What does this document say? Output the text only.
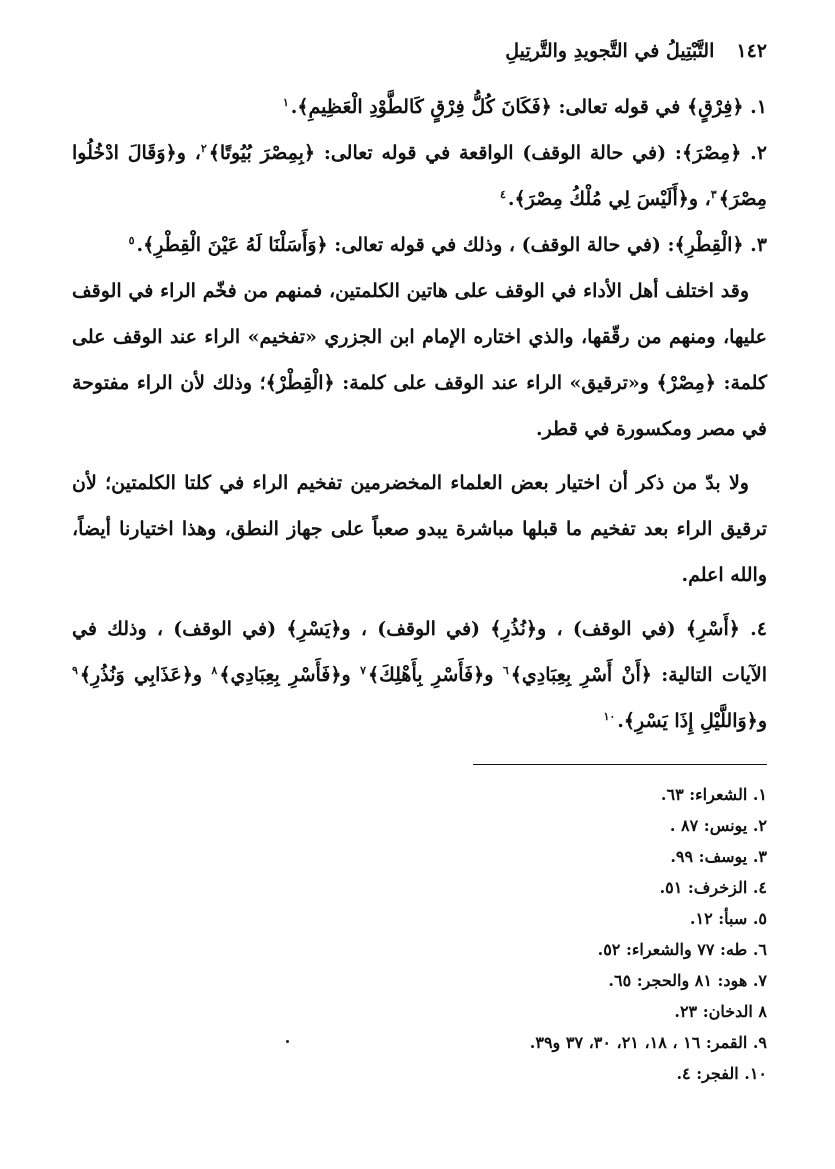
١٤٢
التَّبْتِيلُ في التَّجويدِ والتَّرتِيلِ

١. ﴿فِرْقٍ﴾ في قوله تعالى: ﴿فَكَانَ كُلُّ فِرْقٍ كَالطَّوْدِ الْعَظِيمِ﴾.$^١$

٢. ﴿مِصْرَ﴾: (في حالة الوقف) الواقعة في قوله تعالى: ﴿بِمِصْرَ بُيُوتًا﴾$^٢$، و﴿وَقَالَ ادْخُلُوا مِصْرَ﴾$^٣$، و﴿أَلَيْسَ لِي مُلْكُ مِصْرَ﴾.$^٤$

٣. ﴿الْقِطْرِ﴾: (في حالة الوقف) ، وذلك في قوله تعالى: ﴿وَأَسَلْنَا لَهُ عَيْنَ الْقِطْرِ﴾.$^٥$

وقد اختلف أهل الأداء في الوقف على هاتين الكلمتين، فمنهم من فخّم الراء في الوقف عليها، ومنهم من رقّقها، والذي اختاره الإمام ابن الجزري «تفخيم» الراء عند الوقف على كلمة: ﴿مِصْرْ﴾ و«ترقيق» الراء عند الوقف على كلمة: ﴿الْقِطْرْ﴾؛ وذلك لأن الراء مفتوحة في مصر ومكسورة في قطر.

ولا بدّ من ذكر أن اختيار بعض العلماء المخضرمين تفخيم الراء في كلتا الكلمتين؛ لأن ترقيق الراء بعد تفخيم ما قبلها مباشرة يبدو صعباً على جهاز النطق، وهذا اختيارنا أيضاً، والله اعلم.

٤. ﴿أَسْرِ﴾ (في الوقف) ، و﴿نُذُرِ﴾ (في الوقف) ، و﴿يَسْرِ﴾ (في الوقف) ، وذلك في الآيات التالية: ﴿أَنْ أَسْرِ بِعِبَادِي﴾$^٦$ و﴿فَأَسْرِ بِأَهْلِكَ﴾$^٧$ و﴿فَأَسْرِ بِعِبَادِي﴾$^٨$ و﴿عَذَابِي وَنُذُرِ﴾$^٩$ و﴿وَاللَّيْلِ إِذَا يَسْرِ﴾.$^{١٠}$

١. الشعراء: ٦٣.

٢. يونس: ٨٧ .

٣. يوسف: ٩٩.

٤. الزخرف: ٥١.

٥. سبأ: ١٢.

٦. طه: ٧٧ والشعراء: ٥٢.

٧. هود: ٨١ والحجر: ٦٥.

٨ الدخان: ٢٣.

٩. القمر: ١٦ ، ١٨، ٢١، ٣٠، ٣٧ و٣٩.

١٠. الفجر: ٤.
